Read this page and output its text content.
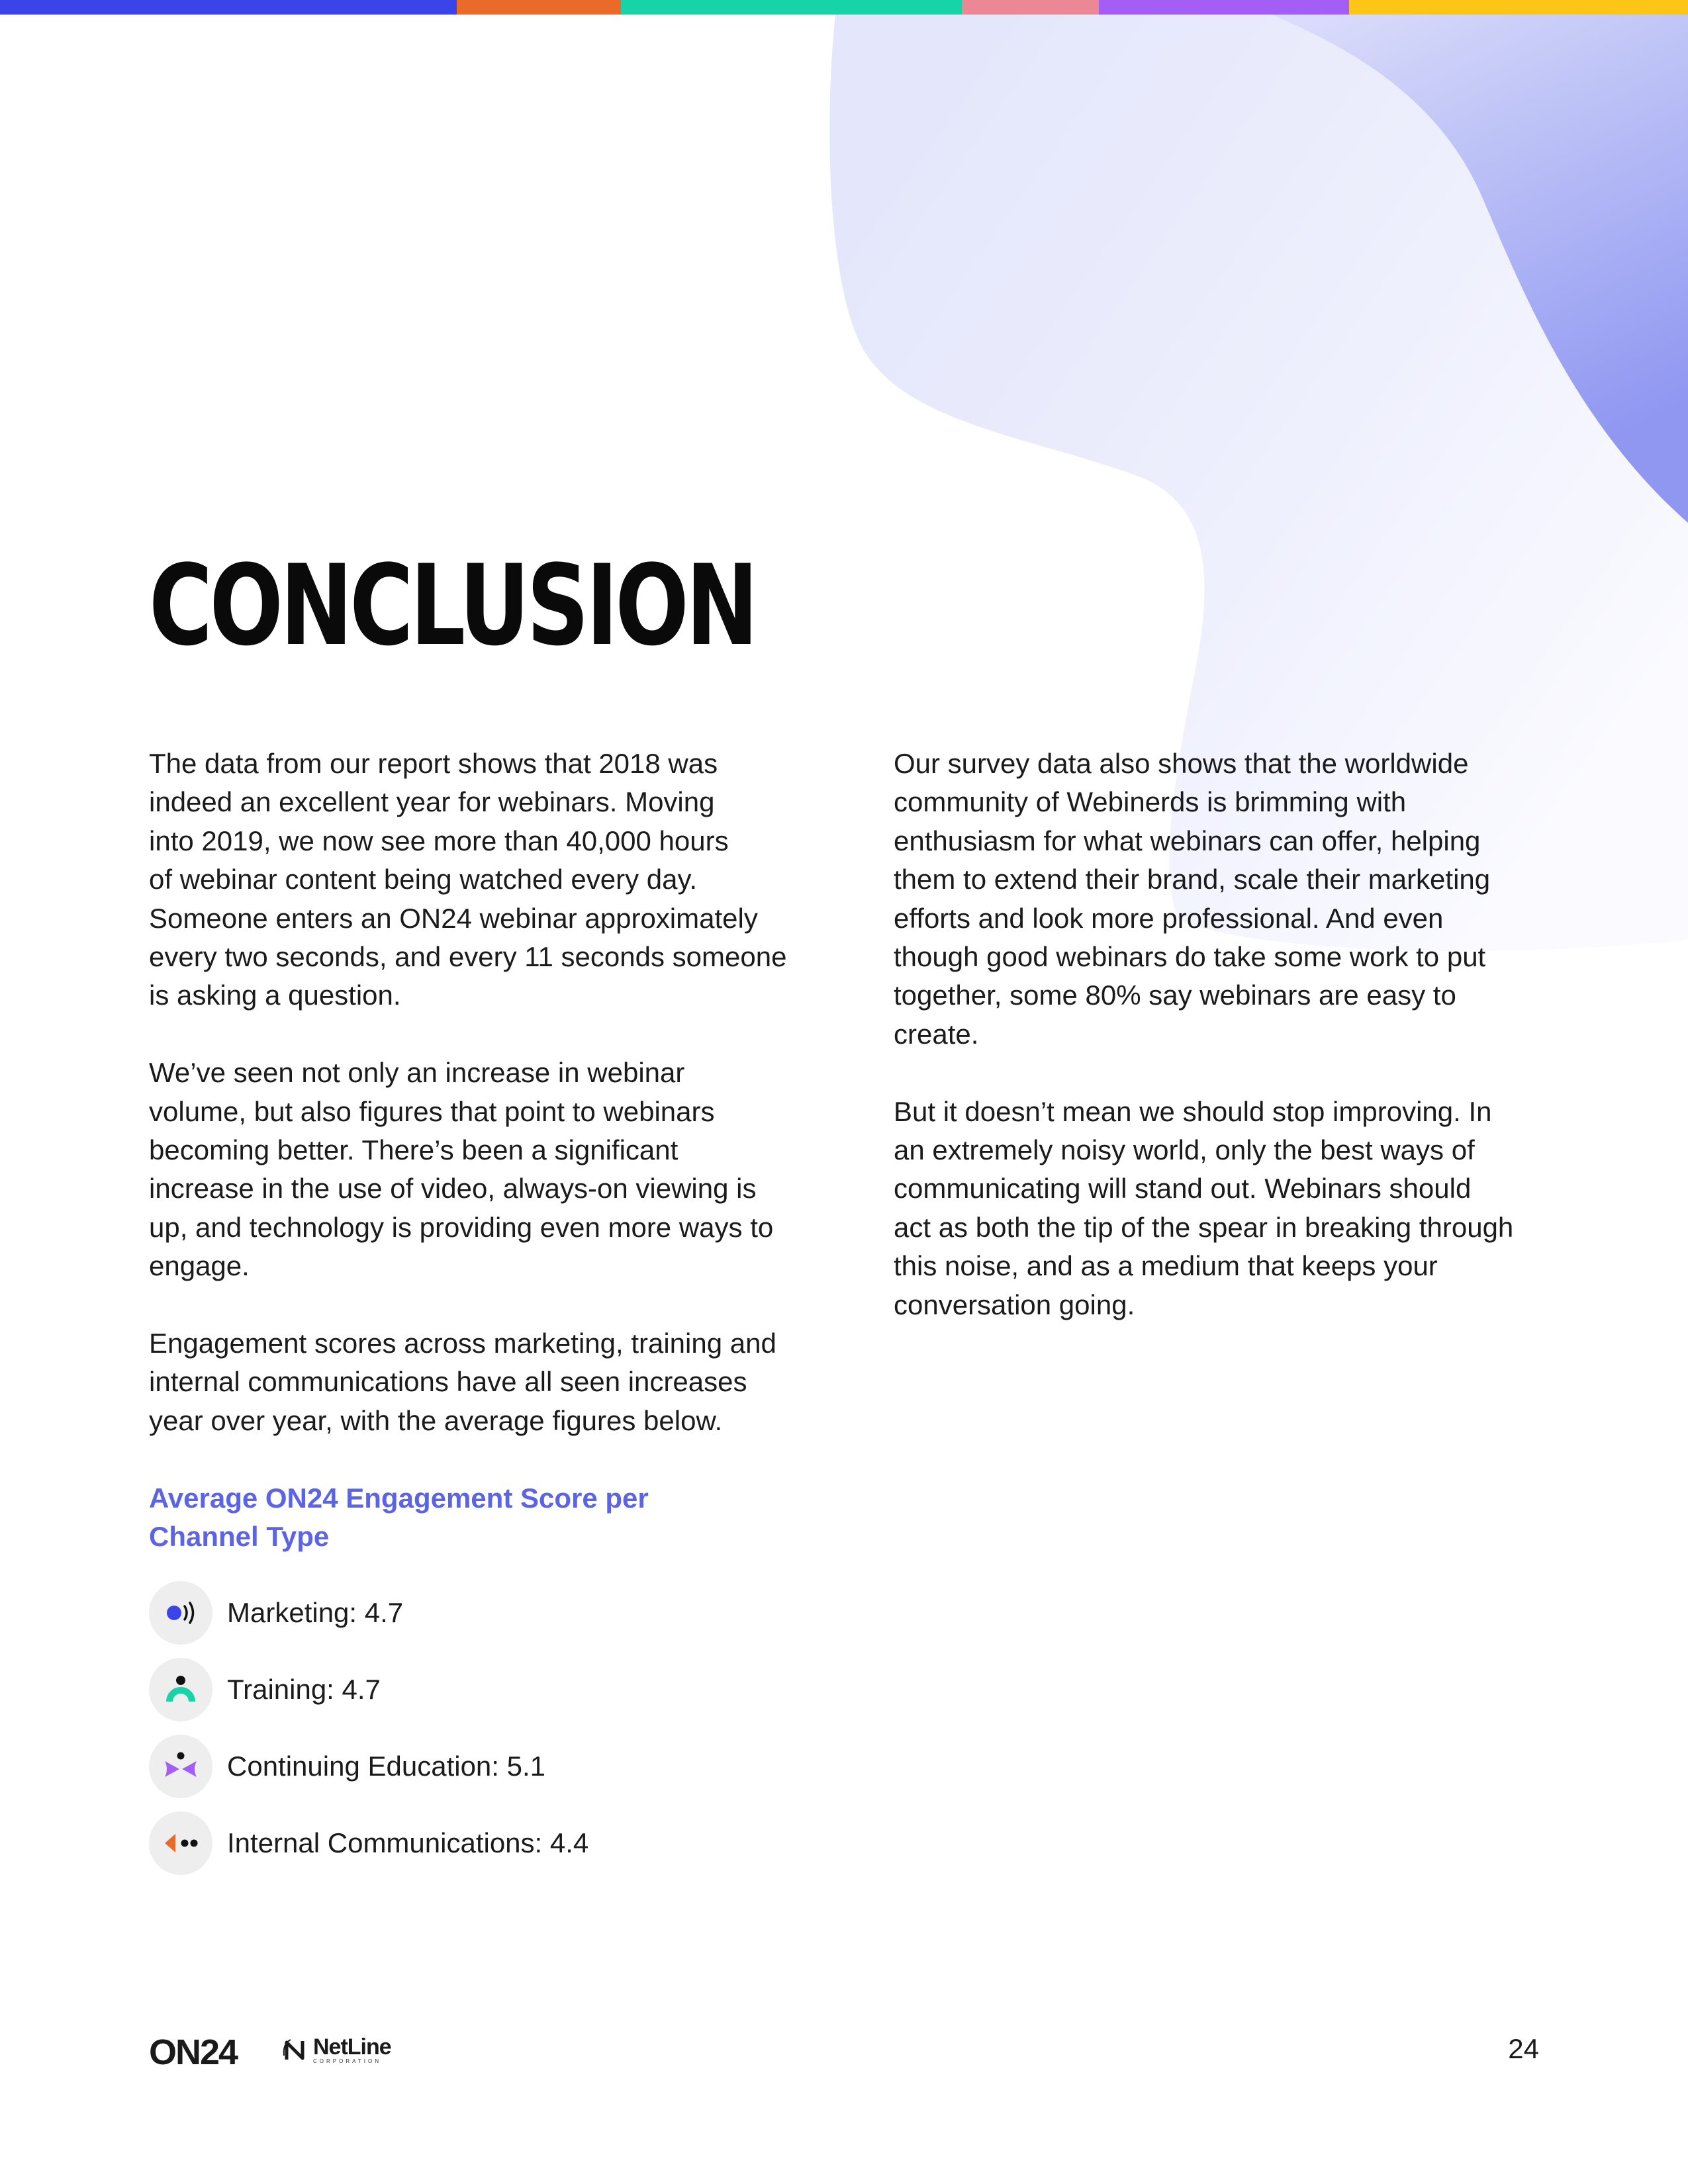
CONCLUSION

The data from our report shows that 2018 was
indeed an excellent year for webinars. Moving
into 2019, we now see more than 40,000 hours
of webinar content being watched every day.
Someone enters an ON24 webinar approximately
every two seconds, and every 11 seconds someone
is asking a question.

We’ve seen not only an increase in webinar
volume, but also figures that point to webinars
becoming better. There’s been a significant
increase in the use of video, always-on viewing is
up, and technology is providing even more ways to
engage.

Engagement scores across marketing, training and
internal communications have all seen increases
year over year, with the average figures below.

Average ON24 Engagement Score per
Channel Type
Marketing: 4.7
Training: 4.7
Continuing Education: 5.1
Internal Communications: 4.4

Our survey data also shows that the worldwide
community of Webinerds is brimming with
enthusiasm for what webinars can offer, helping
them to extend their brand, scale their marketing
efforts and look more professional. And even
though good webinars do take some work to put
together, some 80% say webinars are easy to
create.

But it doesn’t mean we should stop improving. In
an extremely noisy world, only the best ways of
communicating will stand out. Webinars should
act as both the tip of the spear in breaking through
this noise, and as a medium that keeps your
conversation going.

ON24	NetLine
CORPORATION	24
